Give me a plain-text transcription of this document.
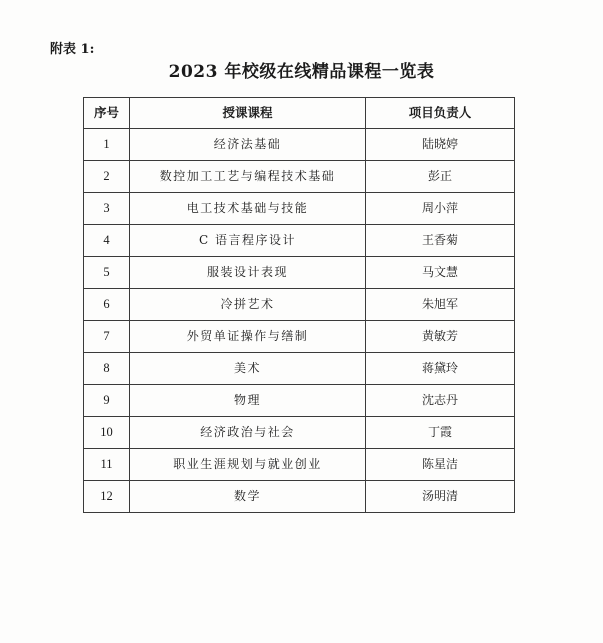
附表 1:
2023 年校级在线精品课程一览表
序号	授课课程	项目负责人
1	经济法基础	陆晓婷
2	数控加工工艺与编程技术基础	彭正
3	电工技术基础与技能	周小萍
4	C 语言程序设计	王香菊
5	服装设计表现	马文慧
6	冷拼艺术	朱旭军
7	外贸单证操作与缮制	黄敏芳
8	美术	蒋黛玲
9	物理	沈志丹
10	经济政治与社会	丁霞
11	职业生涯规划与就业创业	陈星洁
12	数学	汤明清
